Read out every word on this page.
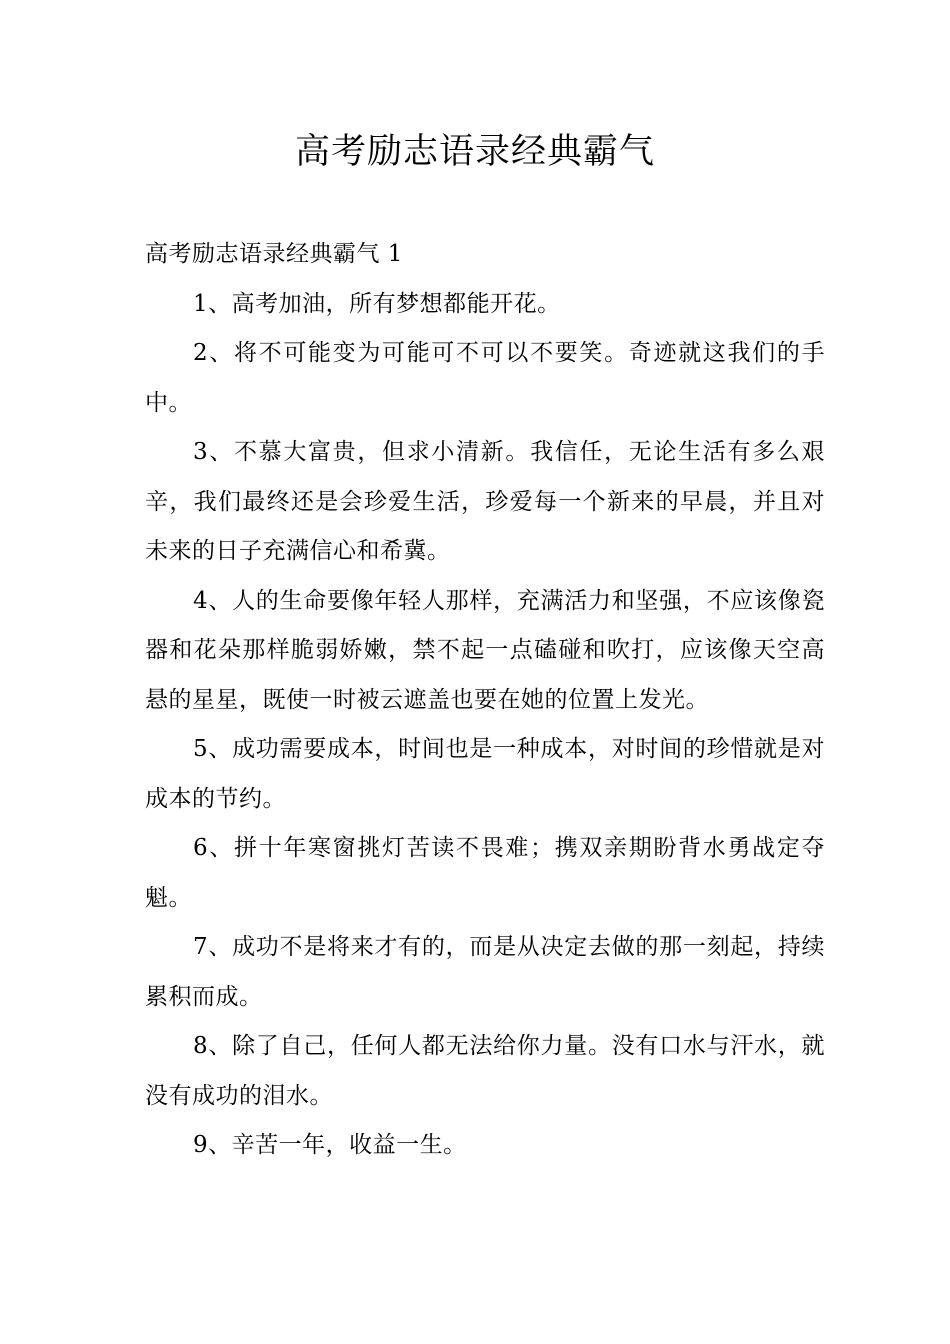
高考励志语录经典霸气
高考励志语录经典霸气 1

1、高考加油，所有梦想都能开花。

2、将不可能变为可能可不可以不要笑。奇迹就这我们的手中。

3、不慕大富贵，但求小清新。我信任，无论生活有多么艰辛，我们最终还是会珍爱生活，珍爱每一个新来的早晨，并且对未来的日子充满信心和希冀。

4、人的生命要像年轻人那样，充满活力和坚强，不应该像瓷器和花朵那样脆弱娇嫩，禁不起一点磕碰和吹打，应该像天空高悬的星星，既使一时被云遮盖也要在她的位置上发光。

5、成功需要成本，时间也是一种成本，对时间的珍惜就是对成本的节约。

6、拼十年寒窗挑灯苦读不畏难；携双亲期盼背水勇战定夺魁。

7、成功不是将来才有的，而是从决定去做的那一刻起，持续累积而成。

8、除了自己，任何人都无法给你力量。没有口水与汗水，就没有成功的泪水。

9、辛苦一年，收益一生。
